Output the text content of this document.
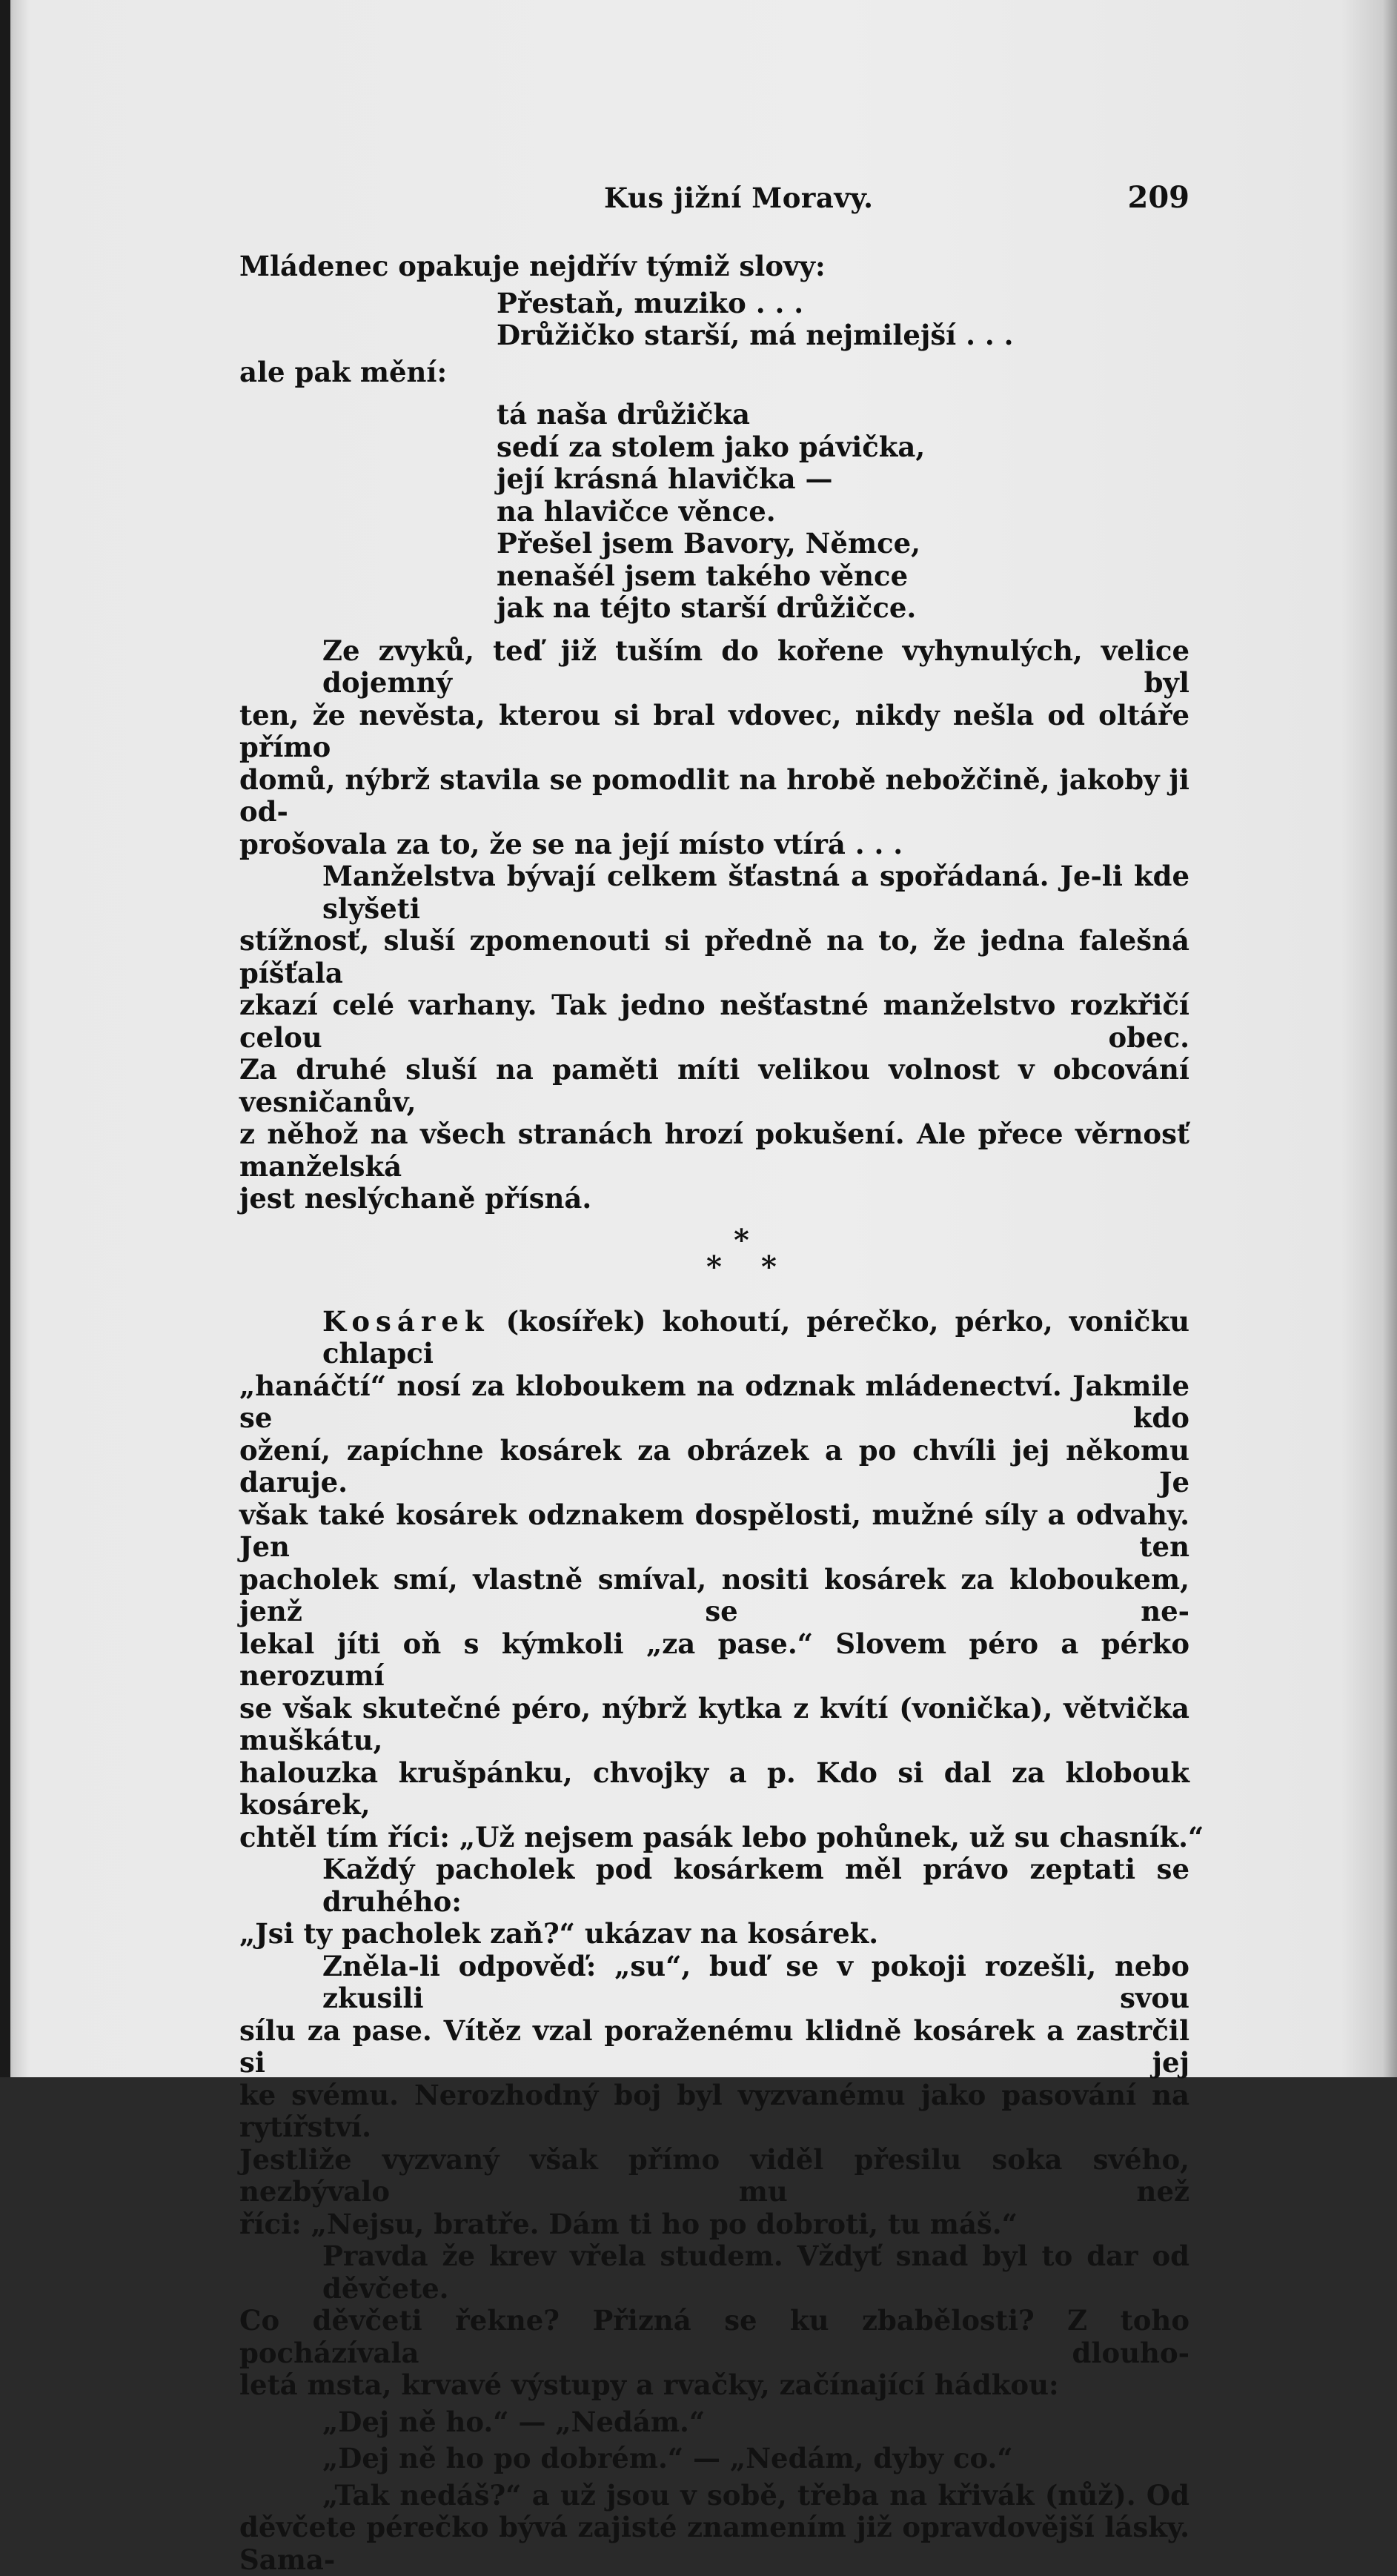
Kus jižní Moravy.	209
Mládenec opakuje nejdřív týmiž slovy:
Přestaň, muziko . . .
Drůžičko starší, má nejmilejší . . .
ale pak mění:
tá naša drůžička
sedí za stolem jako pávička,
její krásná hlavička —
na hlavičce věnce.
Přešel jsem Bavory, Němce,
nenašél jsem takého věnce
jak na téjto starší drůžičce.
Ze zvyků, teď již tuším do kořene vyhynulých, velice dojemný byl
ten, že nevěsta, kterou si bral vdovec, nikdy nešla od oltáře přímo
domů, nýbrž stavila se pomodlit na hrobě nebožčině, jakoby ji od-
prošovala za to, že se na její místo vtírá . . .
Manželstva bývají celkem šťastná a spořádaná. Je-li kde slyšeti
stížnosť, sluší zpomenouti si předně na to, že jedna falešná píšťala
zkazí celé varhany. Tak jedno nešťastné manželstvo rozkřičí celou obec.
Za druhé sluší na paměti míti velikou volnost v obcování vesničanův,
z něhož na všech stranách hrozí pokušení. Ale přece věrnosť manželská
jest neslýchaně přísná.
*
*
*
Kosárek (kosířek) kohoutí, pérečko, pérko, voničku chlapci
„hanáčtí“ nosí za kloboukem na odznak mládenectví. Jakmile se kdo
ožení, zapíchne kosárek za obrázek a po chvíli jej někomu daruje. Je
však také kosárek odznakem dospělosti, mužné síly a odvahy. Jen ten
pacholek smí, vlastně smíval, nositi kosárek za kloboukem, jenž se ne-
lekal jíti oň s kýmkoli „za pase.“ Slovem péro a pérko nerozumí
se však skutečné péro, nýbrž kytka z kvítí (vonička), větvička muškátu,
halouzka krušpánku, chvojky a p. Kdo si dal za klobouk kosárek,
chtěl tím říci: „Už nejsem pasák lebo pohůnek, už su chasník.“
Každý pacholek pod kosárkem měl právo zeptati se druhého:
„Jsi ty pacholek zaň?“ ukázav na kosárek.
Zněla-li odpověď: „su“, buď se v pokoji rozešli, nebo zkusili svou
sílu za pase. Vítěz vzal poraženému klidně kosárek a zastrčil si jej
ke svému. Nerozhodný boj byl vyzvanému jako pasování na rytířství.
Jestliže vyzvaný však přímo viděl přesilu soka svého, nezbývalo mu než
říci: „Nejsu, bratře. Dám ti ho po dobroti, tu máš.“
Pravda že krev vřela studem. Vždyť snad byl to dar od děvčete.
Co děvčeti řekne? Přizná se ku zbabělosti? Z toho pocházívala dlouho-
letá msta, krvavé výstupy a rvačky, začínající hádkou:
„Dej ně ho.“ — „Nedám.“
„Dej ně ho po dobrém.“ — „Nedám, dyby co.“
„Tak nedáš?“ a už jsou v sobě, třeba na křivák (nůž). Od
děvčete pérečko bývá zajisté znamením již opravdovější lásky. Sama-
